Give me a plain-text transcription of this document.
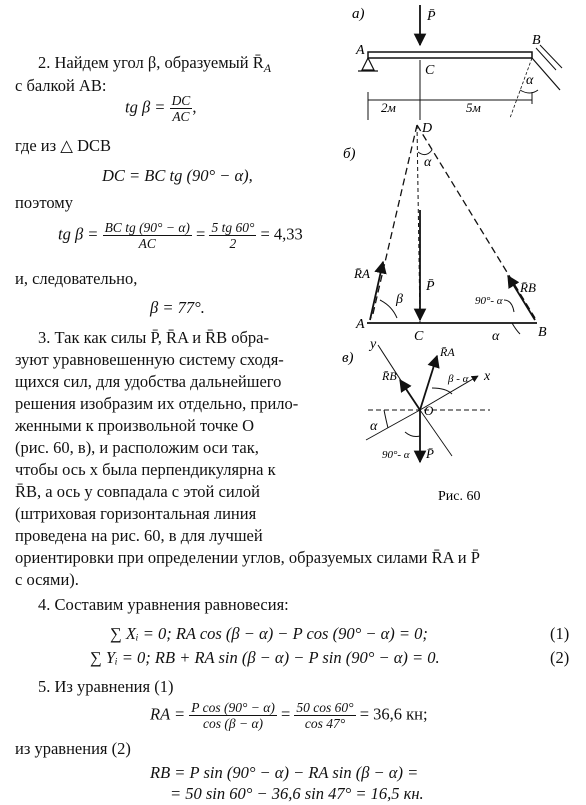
2. Найдем угол β, образуемый $R̄_A$
с балкой AB:
tg $\beta = \frac{DC}{AC}$ ,
где из △ DCB
DC = BC tg (90° − α),
поэтому
tg $\beta = \frac{\text{BC tg (90° − α)}}{AC} = \frac{5 tg 60^\circ}{2} = 4,33$
и, следовательно,
β = 77°.
3. Так как силы P̄, R̄A и R̄B обра-
зуют уравновешенную систему сходя-
щихся сил, для удобства дальнейшего
решения изобразим их отдельно, прило-
женными к произвольной точке O
(рис. 60, в), и расположим оси так,
чтобы ось x была перпендикулярна к
R̄B, а ось y совпадала с этой силой
(штриховая горизонтальная линия
проведена на рис. 60, в для лучшей
ориентировки при определении углов, образуемых силами R̄A и P̄
с осями).
4. Составим уравнения равновесия:
∑ Xᵢ = 0; RA cos (β − α) − P cos (90° − α) = 0;	(1)
∑ Yᵢ = 0; RB + RA sin (β − α) − P sin (90° − α) = 0.	(2)
5. Из уравнения (1)
RA = $\frac{\text{P cos (90° − α)}}{\cos (\beta - \alpha)} = \frac{50 \cos 60^\circ}{\cos 47^\circ} = 36,6$ кн;
из уравнения (2)
RB = P sin (90° − α) − RA sin (β − α) =
= 50 sin 60° − 36,6 sin 47° = 16,5 кн.
а)	P̄
A
B
C
α
2м	5м
б)
D
A
B
C
P̄
R̄A
R̄B
β
α
90°- α
α
в)
y
x
O
R̄A
R̄B
P̄
β - α
α
90°- α
Рис. 60
